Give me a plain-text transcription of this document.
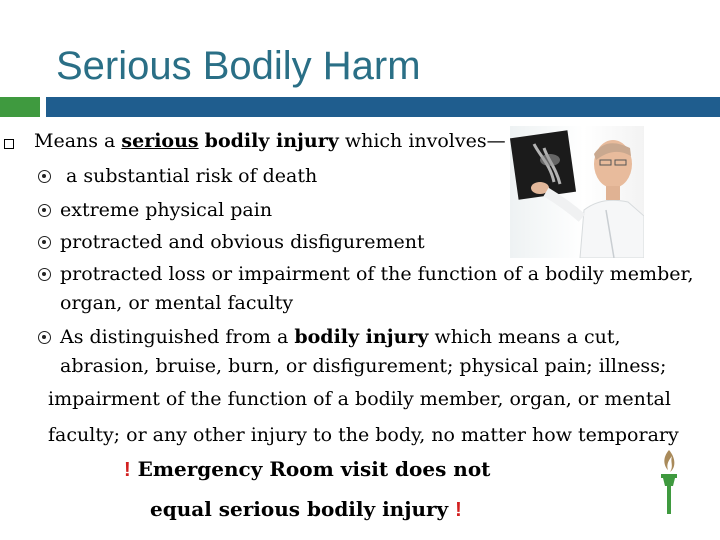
Serious Bodily Harm
Means a serious bodily injury which involves—
a substantial risk of death
extreme physical pain
protracted and obvious disfigurement
protracted loss or impairment of the function of a bodily member,
organ, or mental faculty
As distinguished from a bodily injury which means a cut,
abrasion, bruise, burn, or disfigurement; physical pain; illness;
impairment of the function of a bodily member, organ, or mental
faculty; or any other injury to the body, no matter how temporary
! Emergency Room visit does not
equal serious bodily injury !
